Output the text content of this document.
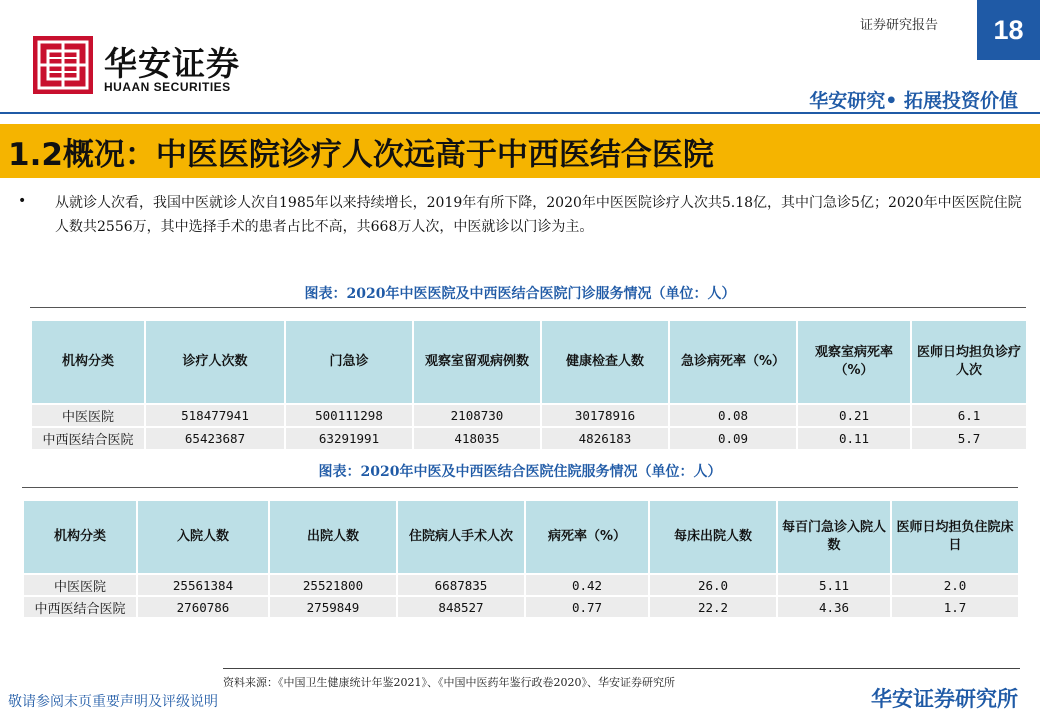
华安证券
HUAAN SECURITIES
证券研究报告	18
华安研究• 拓展投资价值
1.2概况：中医医院诊疗人次远高于中西医结合医院
• 从就诊人次看，我国中医就诊人次自1985年以来持续增长，2019年有所下降，2020年中医医院诊疗人次共5.18亿，其中门急诊5亿；2020年中医医院住院人数共2556万，其中选择手术的患者占比不高，共668万人次，中医就诊以门诊为主。
图表：2020年中医医院及中西医结合医院门诊服务情况（单位：人）
机构分类	诊疗人次数	门急诊	观察室留观病例数	健康检查人数	急诊病死率（%）	观察室病死率（%）	医师日均担负诊疗人次
中医医院	518477941	500111298	2108730	30178916	0.08	0.21	6.1
中西医结合医院	65423687	63291991	418035	4826183	0.09	0.11	5.7
图表：2020年中医及中西医结合医院住院服务情况（单位：人）
机构分类	入院人数	出院人数	住院病人手术人次	病死率（%）	每床出院人数	每百门急诊入院人数	医师日均担负住院床日
中医医院	25561384	25521800	6687835	0.42	26.0	5.11	2.0
中西医结合医院	2760786	2759849	848527	0.77	22.2	4.36	1.7
资料来源：《中国卫生健康统计年鉴2021》、《中国中医药年鉴行政卷2020》、华安证券研究所
敬请参阅末页重要声明及评级说明	华安证券研究所
